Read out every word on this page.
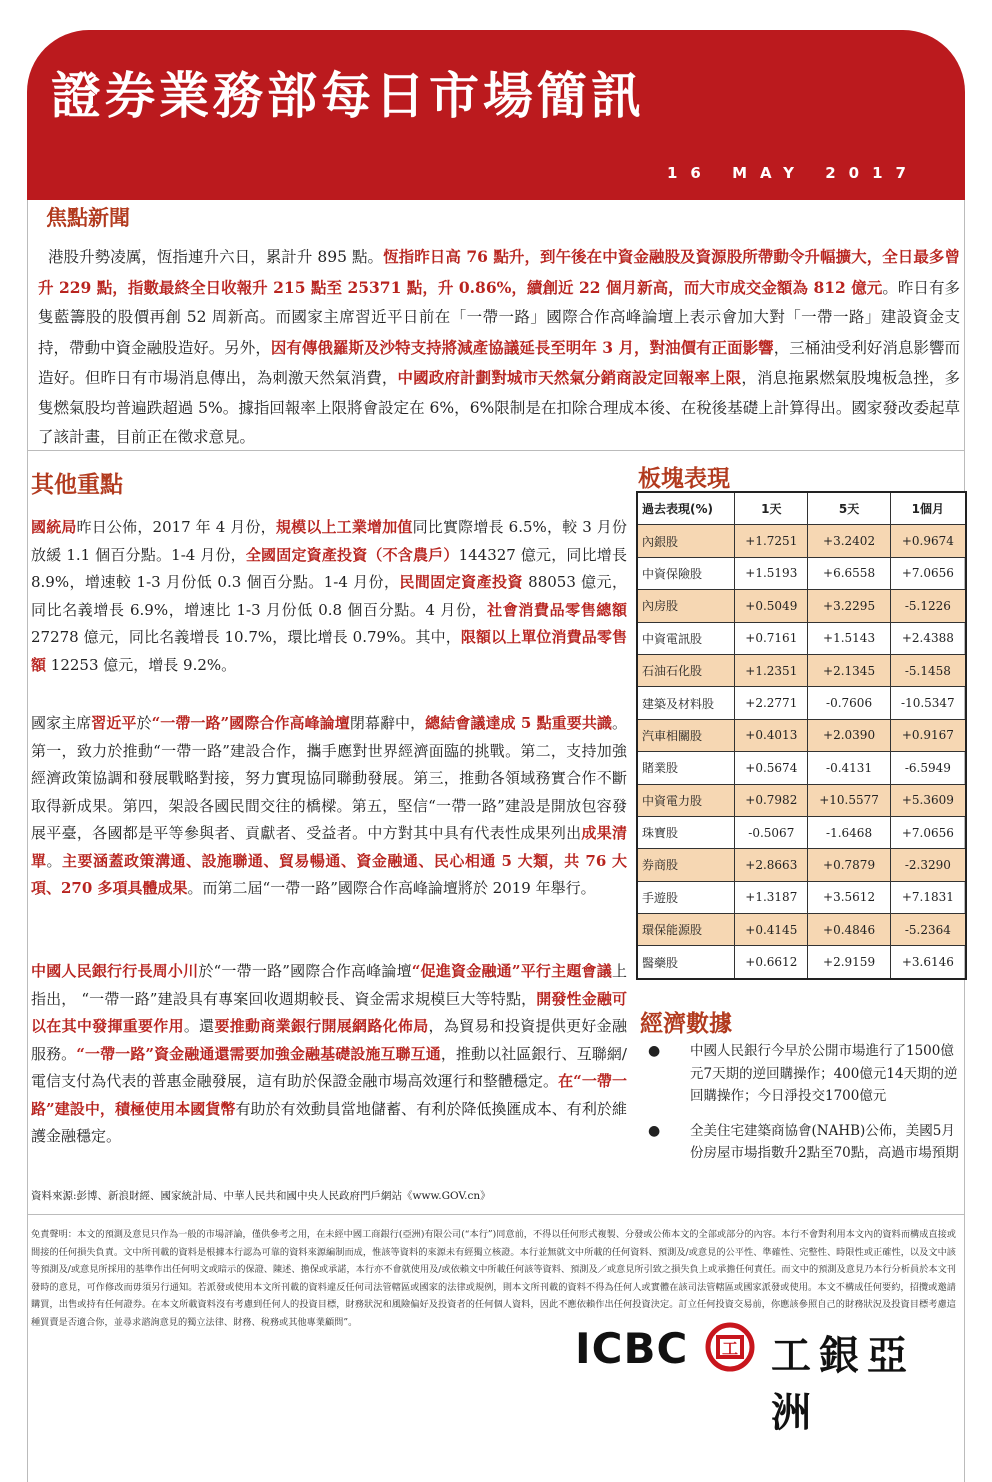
證券業務部每日市場簡訊
16 MAY 2017
焦點新聞
港股升勢凌厲，恆指連升六日，累計升 895 點。恆指昨日高 76 點升，到午後在中資金融股及資源股所帶動令升幅擴大，全日最多曾升 229 點，指數最終全日收報升 215 點至 25371 點，升 0.86%，續創近 22 個月新高，而大市成交金額為 812 億元。昨日有多隻藍籌股的股價再創 52 周新高。而國家主席習近平日前在「一帶一路」國際合作高峰論壇上表示會加大對「一帶一路」建設資金支持，帶動中資金融股造好。另外，因有傳俄羅斯及沙特支持將減產協議延長至明年 3 月，對油價有正面影響，三桶油受利好消息影響而造好。但昨日有市場消息傳出，為刺激天然氣消費，中國政府計劃對城市天然氣分銷商設定回報率上限，消息拖累燃氣股塊板急挫，多隻燃氣股均普遍跌超過 5%。據指回報率上限將會設定在 6%，6%限制是在扣除合理成本後、在稅後基礎上計算得出。國家發改委起草了該計畫，目前正在徵求意見。
其他重點
國統局昨日公佈，2017 年 4 月份，規模以上工業增加值同比實際增長 6.5%，較 3 月份放緩 1.1 個百分點。1-4 月份，全國固定資產投資（不含農戶）144327 億元，同比增長 8.9%，增速較 1-3 月份低 0.3 個百分點。1-4 月份，民間固定資產投資 88053 億元，同比名義增長 6.9%，增速比 1-3 月份低 0.8 個百分點。4 月份，社會消費品零售總額 27278 億元，同比名義增長 10.7%，環比增長 0.79%。其中，限額以上單位消費品零售額 12253 億元，增長 9.2%。
國家主席習近平於“一帶一路”國際合作高峰論壇閉幕辭中，總結會議達成 5 點重要共識。第一，致力於推動“一帶一路”建設合作，攜手應對世界經濟面臨的挑戰。第二，支持加強經濟政策協調和發展戰略對接，努力實現協同聯動發展。第三，推動各領域務實合作不斷取得新成果。第四，架設各國民間交往的橋樑。第五，堅信“一帶一路”建設是開放包容發展平臺，各國都是平等參與者、貢獻者、受益者。中方對其中具有代表性成果列出成果清單。主要涵蓋政策溝通、設施聯通、貿易暢通、資金融通、民心相通 5 大類，共 76 大項、270 多項具體成果。而第二屆“一帶一路”國際合作高峰論壇將於 2019 年舉行。
中國人民銀行行長周小川於“一帶一路”國際合作高峰論壇“促進資金融通”平行主題會議上指出， “一帶一路”建設具有專案回收週期較長、資金需求規模巨大等特點，開發性金融可以在其中發揮重要作用。還要推動商業銀行開展網路化佈局，為貿易和投資提供更好金融服務。“一帶一路”資金融通還需要加強金融基礎設施互聯互通，推動以社區銀行、互聯網/電信支付為代表的普惠金融發展，這有助於保證金融市場高效運行和整體穩定。在“一帶一路”建設中，積極使用本國貨幣有助於有效動員當地儲蓄、有利於降低換匯成本、有利於維護金融穩定。
板塊表現
過去表現(%)	1天	5天	1個月
內銀股	+1.7251	+3.2402	+0.9674
中資保險股	+1.5193	+6.6558	+7.0656
內房股	+0.5049	+3.2295	-5.1226
中資電訊股	+0.7161	+1.5143	+2.4388
石油石化股	+1.2351	+2.1345	-5.1458
建築及材料股	+2.2771	-0.7606	-10.5347
汽車相關股	+0.4013	+2.0390	+0.9167
賭業股	+0.5674	-0.4131	-6.5949
中資電力股	+0.7982	+10.5577	+5.3609
珠寶股	-0.5067	-1.6468	+7.0656
券商股	+2.8663	+0.7879	-2.3290
手遊股	+1.3187	+3.5612	+7.1831
環保能源股	+0.4145	+0.4846	-5.2364
醫藥股	+0.6612	+2.9159	+3.6146
經濟數據
● 中國人民銀行今早於公開市場進行了1500億元7天期的逆回購操作；400億元14天期的逆回購操作；今日淨投交1700億元
● 全美住宅建築商協會(NAHB)公佈，美國5月份房屋市場指數升2點至70點，高過市場預期
資料來源:彭博、新浪財經、國家統計局、中華人民共和國中央人民政府門戶網站《www.GOV.cn》
免責聲明：本文的預測及意見只作為一般的市場評論，僅供參考之用，在未經中國工商銀行(亞洲)有限公司(“本行”)同意前，不得以任何形式複製、分發或公佈本文的全部或部分的內容。本行不會對利用本文內的資料而構成直接或間接的任何損失負責。文中所刊載的資料是根據本行認為可靠的資料來源編制而成，惟該等資料的來源未有經獨立核證。本行並無就文中所載的任何資料、預測及/或意見的公平性、準確性、完整性、時限性或正確性，以及文中該等預測及/或意見所採用的基準作出任何明文或暗示的保證、陳述、擔保或承諾，本行亦不會就使用及/或依賴文中所載任何該等資料、預測及／或意見所引致之損失負上或承擔任何責任。而文中的預測及意見乃本行分析員於本文刊發時的意見，可作修改而毋須另行通知。若派發或使用本文所刊載的資料違反任何司法管轄區或國家的法律或規例，則本文所刊載的資料不得為任何人或實體在該司法管轄區或國家派發或使用。本文不構成任何要約，招攬或邀請購買，出售或持有任何證券。在本文所載資料沒有考慮到任何人的投資目標，財務狀況和風險偏好及投資者的任何個人資料，因此不應依賴作出任何投資決定。訂立任何投資交易前，你應該參照自己的財務狀況及投資目標考慮這種買賣是否適合你，並尋求諮詢意見的獨立法律、財務、稅務或其他專業顧問”。
ICBC 工 工銀亞洲
